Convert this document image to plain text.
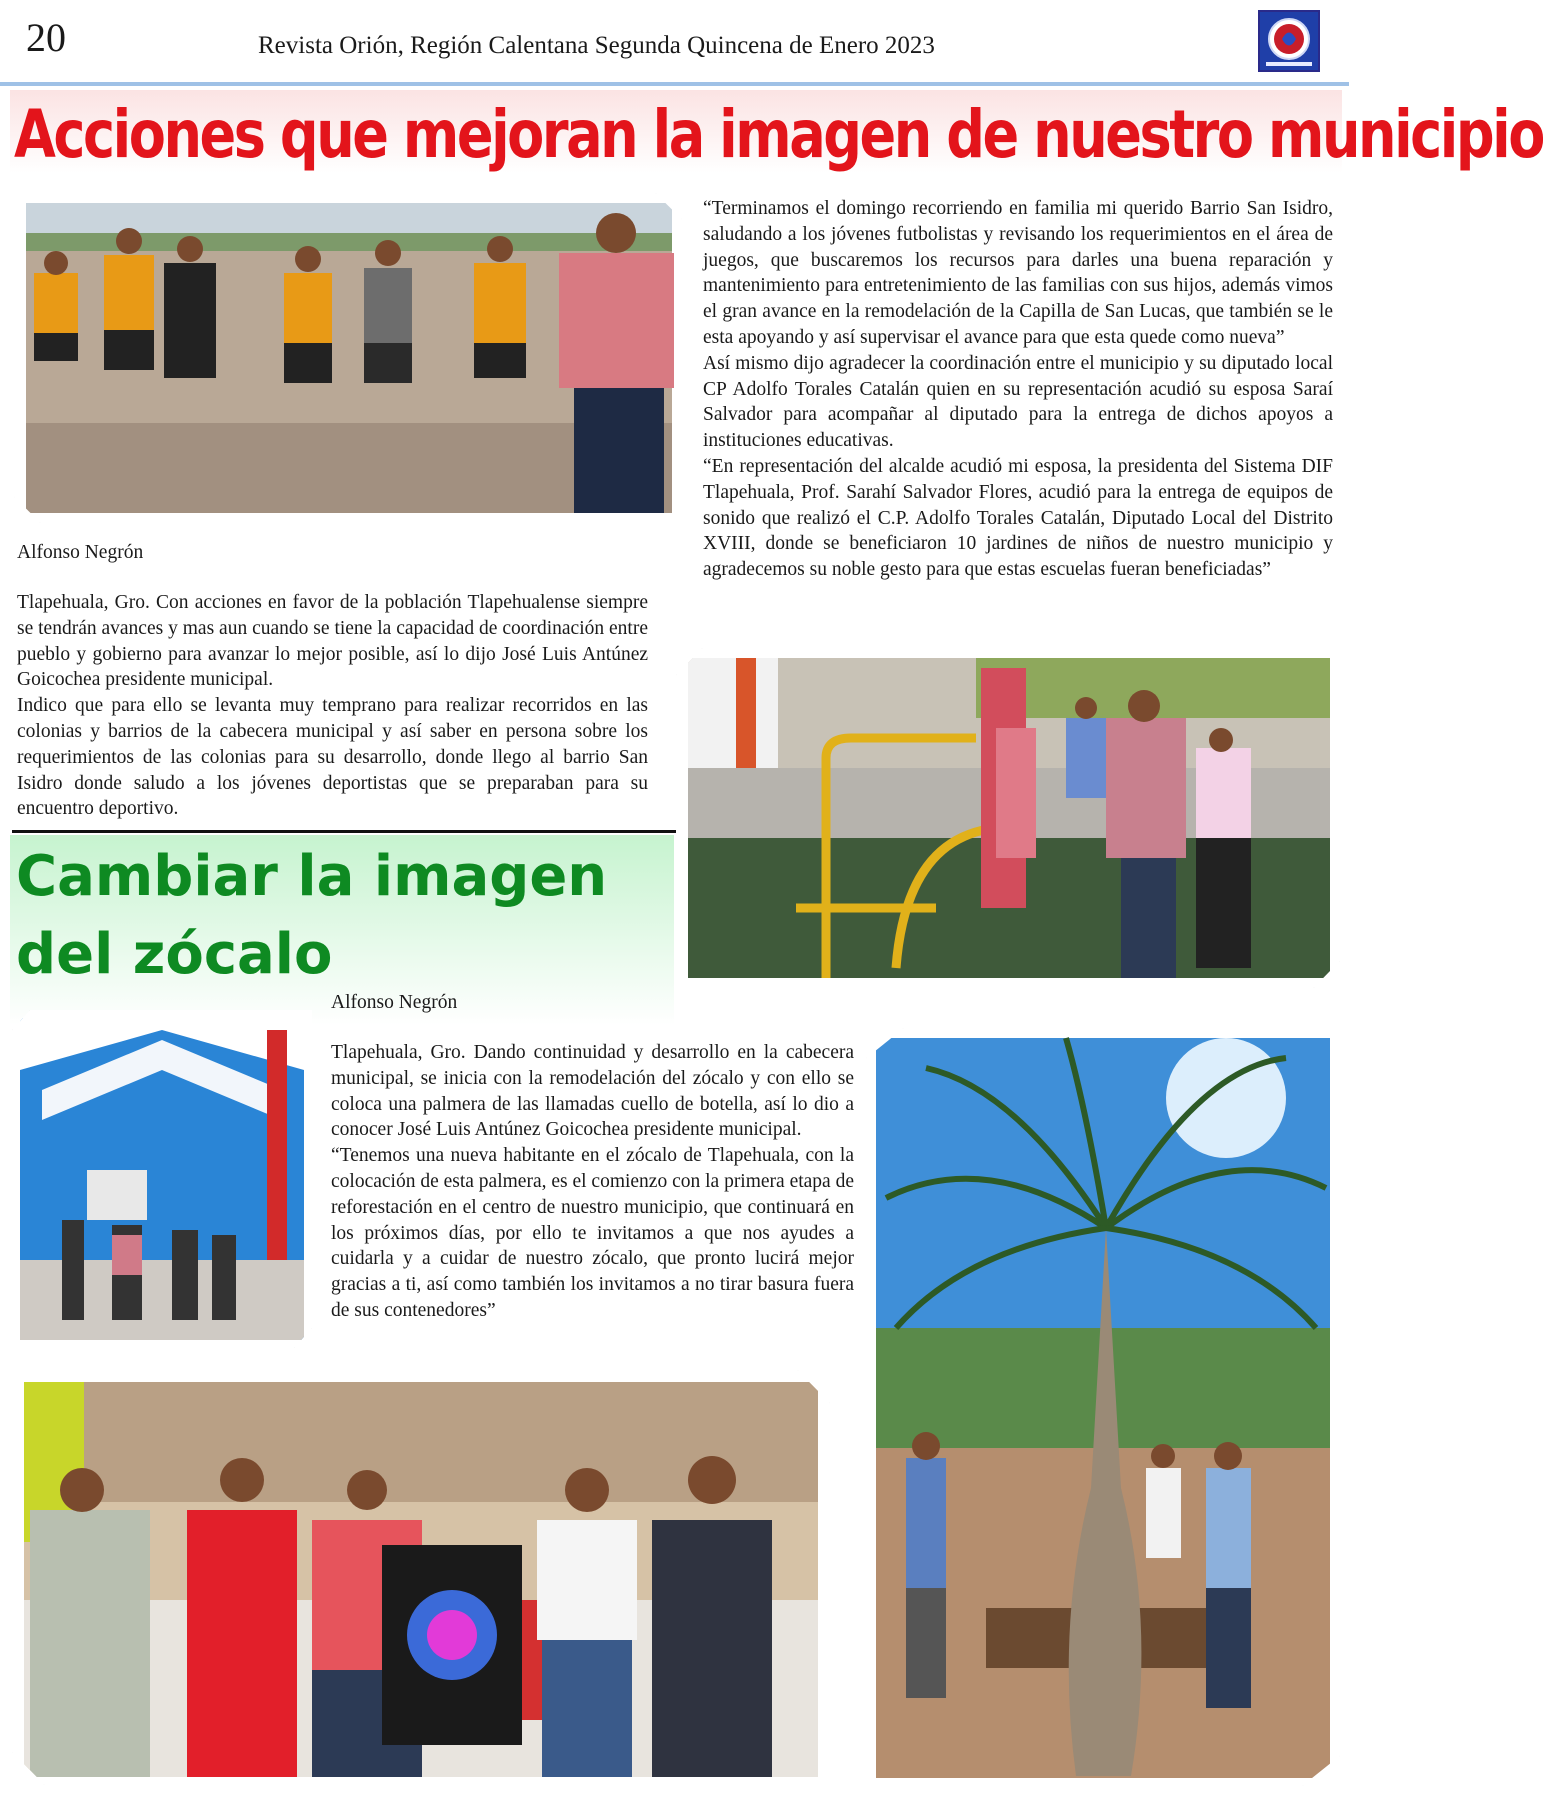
20	Revista Orión, Región Calentana Segunda Quincena de Enero 2023
Acciones que mejoran la imagen de nuestro municipio
Alfonso Negrón

Tlapehuala, Gro. Con acciones en favor de la población Tlapehualense siempre se tendrán avances y mas aun cuando se tiene la capacidad de coordinación entre pueblo y gobierno para avanzar lo mejor posible, así lo dijo José Luis Antúnez Goicochea presidente municipal.

Indico que para ello se levanta muy temprano para realizar recorridos en las colonias y barrios de la cabecera municipal y así saber en persona sobre los requerimientos de las colonias para su desarrollo, donde llego al barrio San Isidro donde saludo a los jóvenes deportistas que se preparaban para su encuentro deportivo.

“Terminamos el domingo recorriendo en familia mi querido Barrio San Isidro, saludando a los jóvenes futbolistas y revisando los requerimientos en el área de juegos, que buscaremos los recursos para darles una buena reparación y mantenimiento para entretenimiento de las familias con sus hijos, además vimos el gran avance en la remodelación de la Capilla de San Lucas, que también se le esta apoyando y así supervisar el avance para que esta quede como nueva”

Así mismo dijo agradecer la coordinación entre el municipio y su diputado local CP Adolfo Torales Catalán quien en su representación acudió su esposa Saraí Salvador para acompañar al diputado para la entrega de dichos apoyos a instituciones educativas.

“En representación del alcalde acudió mi esposa, la presidenta del Sistema DIF Tlapehuala, Prof. Sarahí Salvador Flores, acudió para la entrega de equipos de sonido que realizó el C.P. Adolfo Torales Catalán, Diputado Local del Distrito XVIII, donde se beneficiaron 10 jardines de niños de nuestro municipio y agradecemos su noble gesto para que estas escuelas fueran beneficiadas”

Cambiar la imagen
del zócalo
Alfonso Negrón

Tlapehuala, Gro. Dando continuidad y desarrollo en la cabecera municipal, se inicia con la remodelación del zócalo y con ello se coloca una palmera de las llamadas cuello de botella, así lo dio a conocer José Luis Antúnez Goicochea presidente municipal.

“Tenemos una nueva habitante en el zócalo de Tlapehuala, con la colocación de esta palmera, es el comienzo con la primera etapa de reforestación en el centro de nuestro municipio, que continuará en los próximos días, por ello te invitamos a que nos ayudes a cuidarla y a cuidar de nuestro zócalo, que pronto lucirá mejor gracias a ti, así como también los invitamos a no tirar basura fuera de sus contenedores”
